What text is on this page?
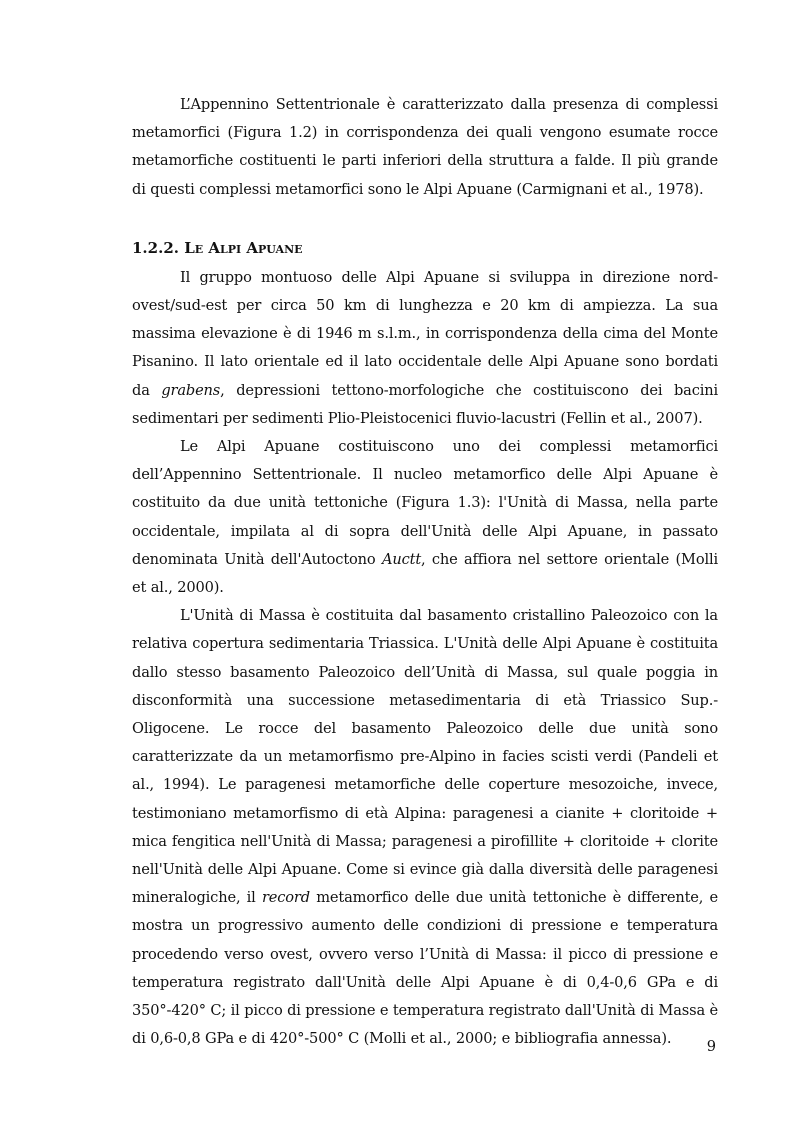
L’Appennino Settentrionale è caratterizzato dalla presenza di complessi metamorfici (Figura 1.2) in corrispondenza dei quali vengono esumate rocce metamorfiche costituenti le parti inferiori della struttura a falde. Il più grande di questi complessi metamorfici sono le Alpi Apuane (Carmignani et al., 1978).

1.2.2. Le Alpi Apuane

Il gruppo montuoso delle Alpi Apuane si sviluppa in direzione nord-ovest/sud-est per circa 50 km di lunghezza e 20 km di ampiezza. La sua massima elevazione è di 1946 m s.l.m., in corrispondenza della cima del Monte Pisanino. Il lato orientale ed il lato occidentale delle Alpi Apuane sono bordati da grabens, depressioni tettono-morfologiche che costituiscono dei bacini sedimentari per sedimenti Plio-Pleistocenici fluvio-lacustri (Fellin et al., 2007).

Le Alpi Apuane costituiscono uno dei complessi metamorfici dell’Appennino Settentrionale. Il nucleo metamorfico delle Alpi Apuane è costituito da due unità tettoniche (Figura 1.3): l'Unità di Massa, nella parte occidentale, impilata al di sopra dell'Unità delle Alpi Apuane, in passato denominata Unità dell'Autoctono Auctt, che affiora nel settore orientale (Molli et al., 2000).

L'Unità di Massa è costituita dal basamento cristallino Paleozoico con la relativa copertura sedimentaria Triassica. L'Unità delle Alpi Apuane è costituita dallo stesso basamento Paleozoico dell’Unità di Massa, sul quale poggia in disconformità una successione metasedimentaria di età Triassico Sup.-Oligocene. Le rocce del basamento Paleozoico delle due unità sono caratterizzate da un metamorfismo pre-Alpino in facies scisti verdi (Pandeli et al., 1994). Le paragenesi metamorfiche delle coperture mesozoiche, invece, testimoniano metamorfismo di età Alpina: paragenesi a cianite + cloritoide + mica fengitica nell'Unità di Massa; paragenesi a pirofillite + cloritoide + clorite nell'Unità delle Alpi Apuane. Come si evince già dalla diversità delle paragenesi mineralogiche, il record metamorfico delle due unità tettoniche è differente, e mostra un progressivo aumento delle condizioni di pressione e temperatura procedendo verso ovest, ovvero verso l’Unità di Massa: il picco di pressione e temperatura registrato dall'Unità delle Alpi Apuane è di 0,4-0,6 GPa e di 350°-420° C; il picco di pressione e temperatura registrato dall'Unità di Massa è di 0,6-0,8 GPa e di 420°-500° C (Molli et al., 2000; e bibliografia annessa).	9
